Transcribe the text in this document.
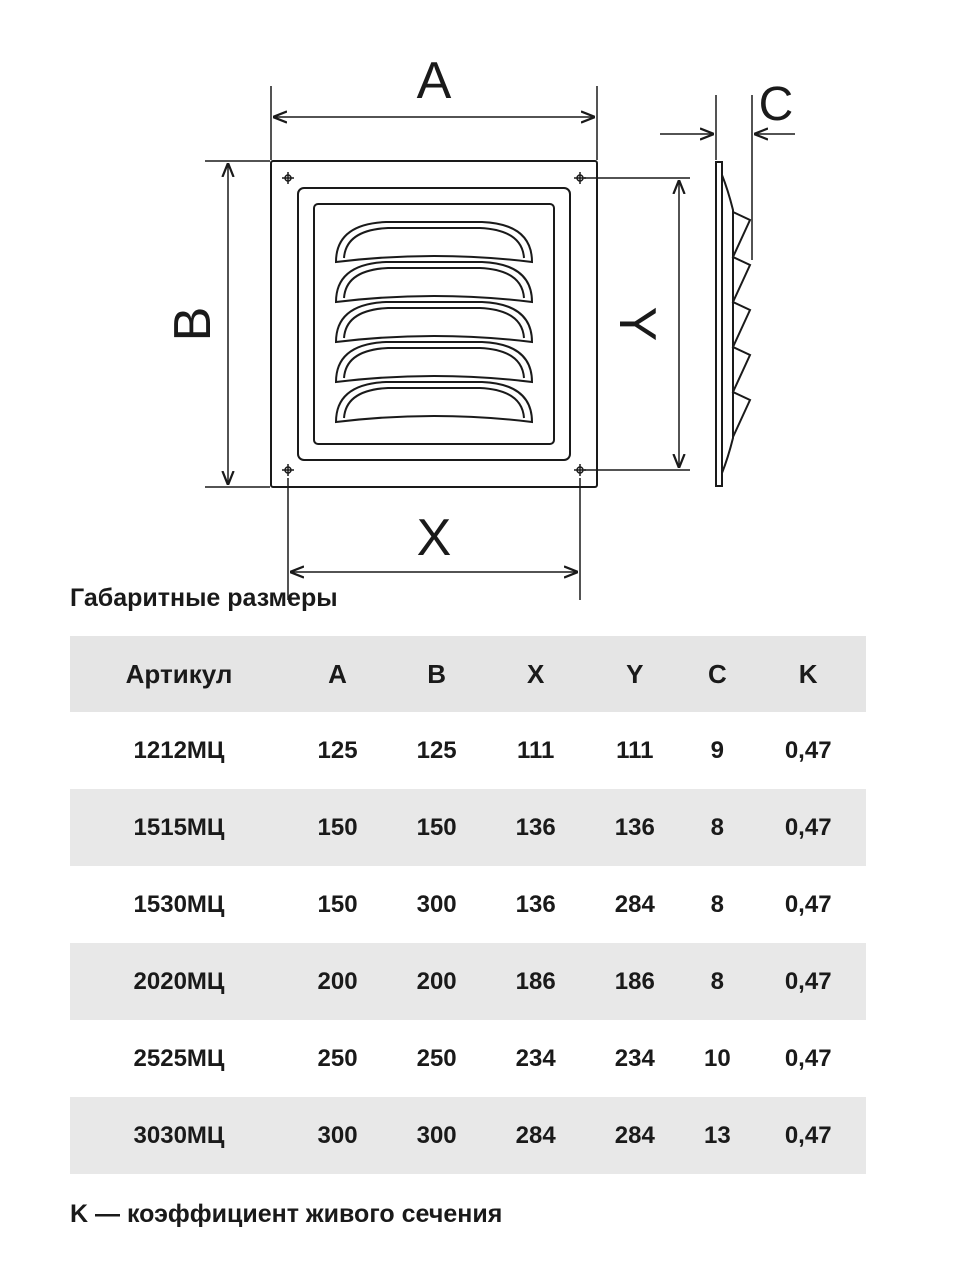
A
B
X
Y
C
Габаритные размеры
Артикул	A	B	X	Y	C	K
1212МЦ	125	125	111	111	9	0,47
1515МЦ	150	150	136	136	8	0,47
1530МЦ	150	300	136	284	8	0,47
2020МЦ	200	200	186	186	8	0,47
2525МЦ	250	250	234	234	10	0,47
3030МЦ	300	300	284	284	13	0,47
K — коэффициент живого сечения
